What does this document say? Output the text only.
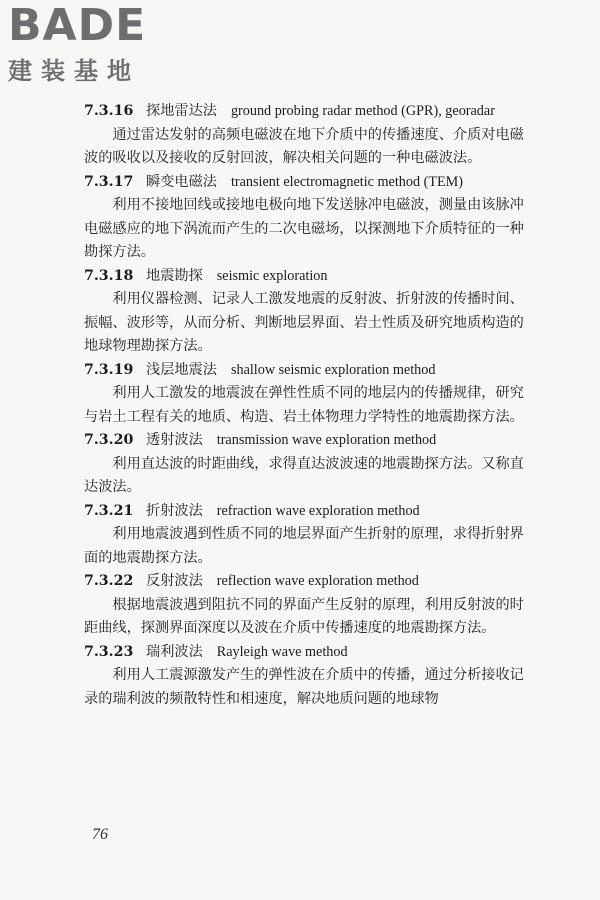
BADE
建装基地
7.3.16 探地雷达法 ground probing radar method (GPR), georadar

通过雷达发射的高频电磁波在地下介质中的传播速度、介质对电磁波的吸收以及接收的反射回波，解决相关问题的一种电磁波法。

7.3.17 瞬变电磁法 transient electromagnetic method (TEM)

利用不接地回线或接地电极向地下发送脉冲电磁波，测量由该脉冲电磁感应的地下涡流而产生的二次电磁场，以探测地下介质特征的一种勘探方法。

7.3.18 地震勘探 seismic exploration

利用仪器检测、记录人工激发地震的反射波、折射波的传播时间、振幅、波形等，从而分析、判断地层界面、岩土性质及研究地质构造的地球物理勘探方法。

7.3.19 浅层地震法 shallow seismic exploration method

利用人工激发的地震波在弹性性质不同的地层内的传播规律，研究与岩土工程有关的地质、构造、岩土体物理力学特性的地震勘探方法。

7.3.20 透射波法 transmission wave exploration method

利用直达波的时距曲线，求得直达波波速的地震勘探方法。又称直达波法。

7.3.21 折射波法 refraction wave exploration method

利用地震波遇到性质不同的地层界面产生折射的原理，求得折射界面的地震勘探方法。

7.3.22 反射波法 reflection wave exploration method

根据地震波遇到阻抗不同的界面产生反射的原理，利用反射波的时距曲线，探测界面深度以及波在介质中传播速度的地震勘探方法。

7.3.23 瑞利波法 Rayleigh wave method

利用人工震源激发产生的弹性波在介质中的传播，通过分析接收记录的瑞利波的频散特性和相速度，解决地质问题的地球物

76
